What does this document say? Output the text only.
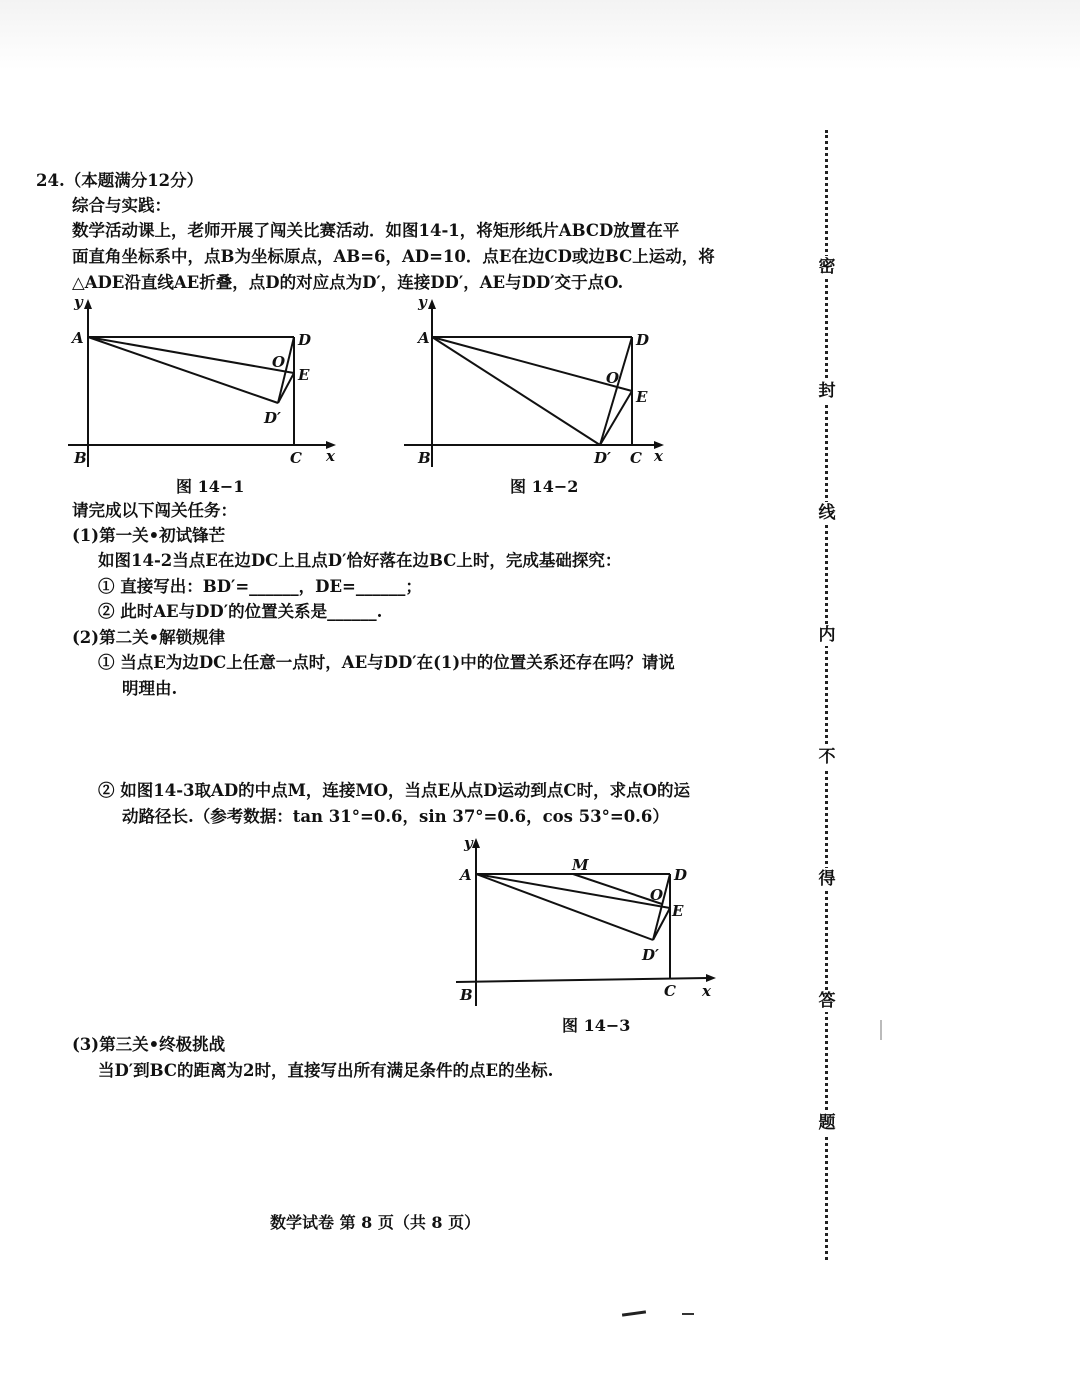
24.（本题满分12分）
综合与实践：
数学活动课上，老师开展了闯关比赛活动．如图14-1，将矩形纸片ABCD放置在平
面直角坐标系中，点B为坐标原点，AB=6，AD=10．点E在边CD或边BC上运动，将
△ADE沿直线AE折叠，点D的对应点为D′，连接DD′，AE与DD′交于点O.
y
A
B	C
D
E
O
D′
x
图 14−1
y
A
B	C
D
E
O
D′	x
图 14−2
请完成以下闯关任务：
(1)第一关•初试锋芒
如图14-2当点E在边DC上且点D′恰好落在边BC上时，完成基础探究：
① 直接写出：BD′=______，DE=______；
② 此时AE与DD′的位置关系是______.
(2)第二关•解锁规律
① 当点E为边DC上任意一点时，AE与DD′在(1)中的位置关系还存在吗？请说
明理由.
② 如图14-3取AD的中点M，连接MO，当点E从点D运动到点C时，求点O的运
动路径长.（参考数据：tan 31°=0.6，sin 37°=0.6，cos 53°=0.6）
y
A
B	C
D
E
O
M
D′
x
图 14−3
(3)第三关•终极挑战
当D′到BC的距离为2时，直接写出所有满足条件的点E的坐标.
数学试卷 第 8 页（共 8 页）
密
封
线
内
不
得
答
题
